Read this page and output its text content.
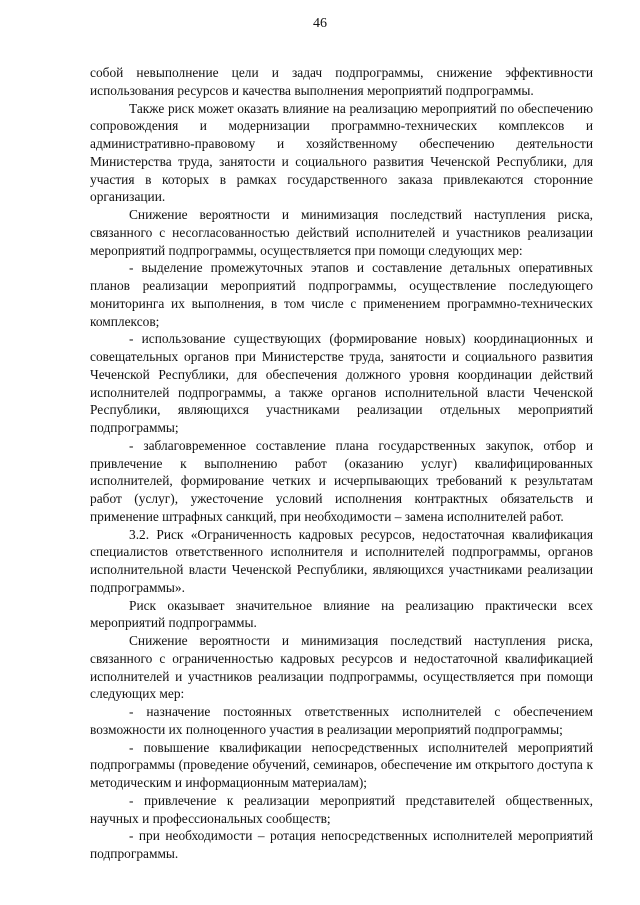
46

собой невыполнение цели и задач подпрограммы, снижение эффективности использования ресурсов и качества выполнения мероприятий подпрограммы.

Также риск может оказать влияние на реализацию мероприятий по обеспечению сопровождения и модернизации программно-технических комплексов и административно-правовому и хозяйственному обеспечению деятельности Министерства труда, занятости и социального развития Чеченской Республики, для участия в которых в рамках государственного заказа привлекаются сторонние организации.

Снижение вероятности и минимизация последствий наступления риска, связанного с несогласованностью действий исполнителей и участников реализации мероприятий подпрограммы, осуществляется при помощи следующих мер:

- выделение промежуточных этапов и составление детальных оперативных планов реализации мероприятий подпрограммы, осуществление последующего мониторинга их выполнения, в том числе с применением программно-технических комплексов;

- использование существующих (формирование новых) координационных и совещательных органов при Министерстве труда, занятости и социального развития Чеченской Республики, для обеспечения должного уровня координации действий исполнителей подпрограммы, а также органов исполнительной власти Чеченской Республики, являющихся участниками реализации отдельных мероприятий подпрограммы;

- заблаговременное составление плана государственных закупок, отбор и привлечение к выполнению работ (оказанию услуг) квалифицированных исполнителей, формирование четких и исчерпывающих требований к результатам работ (услуг), ужесточение условий исполнения контрактных обязательств и применение штрафных санкций, при необходимости – замена исполнителей работ.

3.2. Риск «Ограниченность кадровых ресурсов, недостаточная квалификация специалистов ответственного исполнителя и исполнителей подпрограммы, органов исполнительной власти Чеченской Республики, являющихся участниками реализации подпрограммы».

Риск оказывает значительное влияние на реализацию практически всех мероприятий подпрограммы.

Снижение вероятности и минимизация последствий наступления риска, связанного с ограниченностью кадровых ресурсов и недостаточной квалификацией исполнителей и участников реализации подпрограммы, осуществляется при помощи следующих мер:

- назначение постоянных ответственных исполнителей с обеспечением возможности их полноценного участия в реализации мероприятий подпрограммы;

- повышение квалификации непосредственных исполнителей мероприятий подпрограммы (проведение обучений, семинаров, обеспечение им открытого доступа к методическим и информационным материалам);

- привлечение к реализации мероприятий представителей общественных, научных и профессиональных сообществ;

- при необходимости – ротация непосредственных исполнителей мероприятий подпрограммы.
